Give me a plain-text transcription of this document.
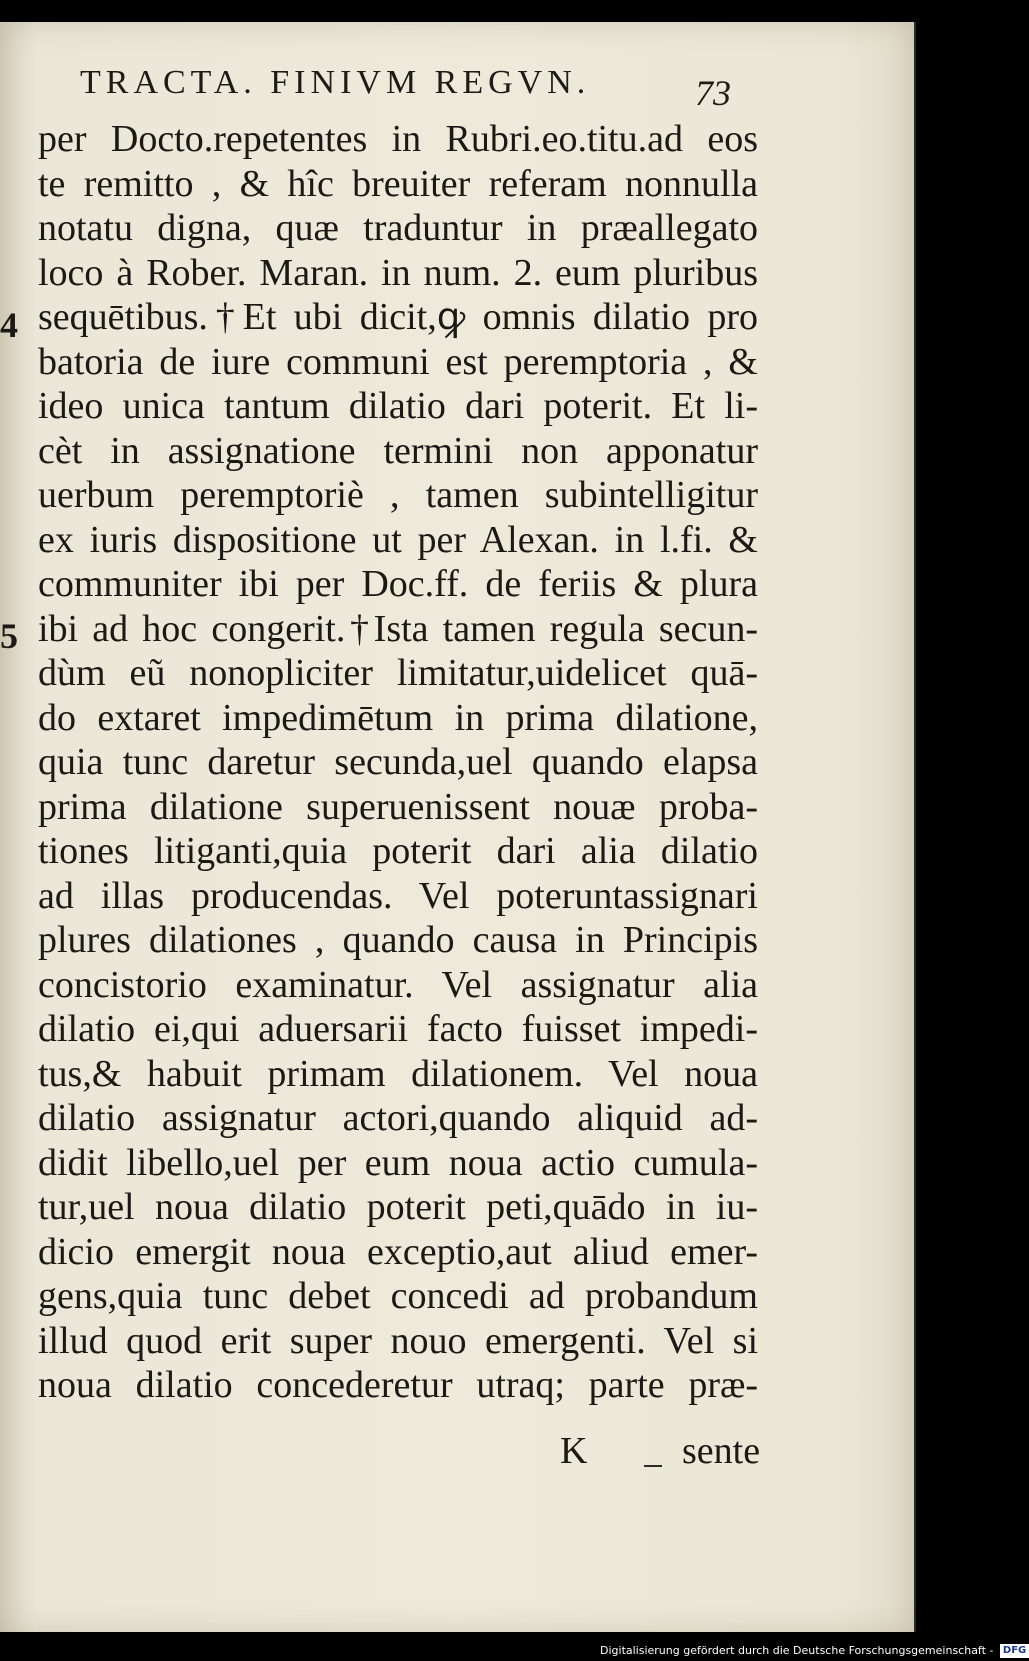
TRACTA. FINIVM REGVN.	73
4
5
per Docto.repetentes in Rubri.eo.titu.ad eos
te remitto , & hîc breuiter referam nonnulla
notatu digna, quæ traduntur in præallegato
loco à Rober. Maran. in num. 2. eum pluribus
sequētibus.†Et ubi dicit,ꝙ omnis dilatio pro
batoria de iure communi est peremptoria , &
ideo unica tantum dilatio dari poterit. Et li-
cèt in assignatione termini non apponatur
uerbum peremptoriè , tamen subintelligitur
ex iuris dispositione ut per Alexan. in l.fi. &
communiter ibi per Doc.ff. de feriis & plura
ibi ad hoc congerit.†Ista tamen regula secun-
dùm eũ nonopliciter limitatur,uidelicet quā-
do extaret impedimētum in prima dilatione,
quia tunc daretur secunda,uel quando elapsa
prima dilatione superuenissent nouæ proba-
tiones litiganti,quia poterit dari alia dilatio
ad illas producendas. Vel poteruntassignari
plures dilationes , quando causa in Principis
concistorio examinatur. Vel assignatur alia
dilatio ei,qui aduersarii facto fuisset impedi-
tus,& habuit primam dilationem. Vel noua
dilatio assignatur actori,quando aliquid ad-
didit libello,uel per eum noua actio cumula-
tur,uel noua dilatio poterit peti,quādo in iu-
dicio emergit noua exceptio,aut aliud emer-
gens,quia tunc debet concedi ad probandum
illud quod erit super nouo emergenti. Vel si
noua dilatio concederetur utraq; parte præ-
K sente
Digitalisierung gefördert durch die Deutsche Forschungsgemeinschaft - DFG
